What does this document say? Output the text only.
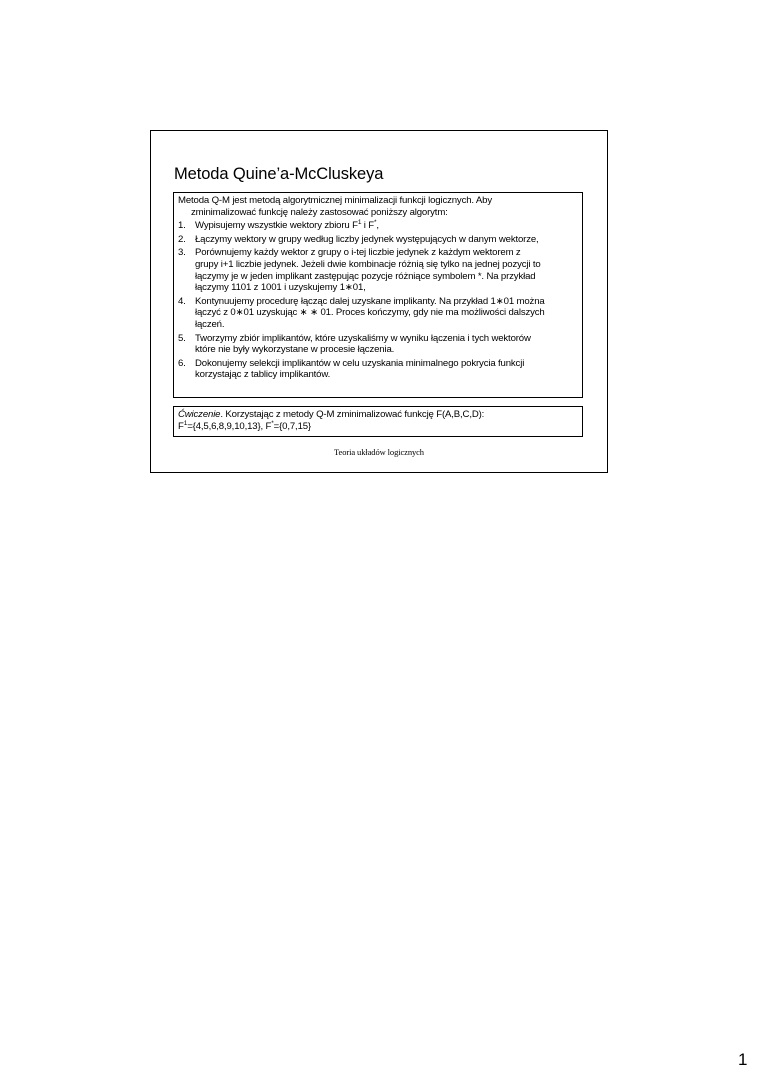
Metoda Quine’a-McCluskeya
Metoda Q-M jest metodą algorytmicznej minimalizacji funkcji logicznych. Aby
zminimalizować funkcję należy zastosować poniższy algorytm:
1. Wypisujemy wszystkie wektory zbioru $F^1$ i F*,
2. Łączymy wektory w grupy według liczby jedynek występujących w danym wektorze,
3. Porównujemy każdy wektor z grupy o i-tej liczbie jedynek z każdym wektorem z
grupy i+1 liczbie jedynek. Jeżeli dwie kombinacje różnią się tylko na jednej pozycji to
łączymy je w jeden implikant zastępując pozycje różniące symbolem *. Na przykład
łączymy 1101 z 1001 i uzyskujemy 1∗01,
4. Kontynuujemy procedurę łącząc dalej uzyskane implikanty. Na przykład 1∗01 można
łączyć z 0∗01 uzyskując ∗ ∗ 01. Proces kończymy, gdy nie ma możliwości dalszych
łączeń.
5. Tworzymy zbiór implikantów, które uzyskaliśmy w wyniku łączenia i tych wektorów
które nie były wykorzystane w procesie łączenia.
6. Dokonujemy selekcji implikantów w celu uzyskania minimalnego pokrycia funkcji
korzystając z tablicy implikantów.
Ćwiczenie. Korzystając z metody Q-M zminimalizować funkcję F(A,B,C,D):
$F^1=\{4,5,6,8,9,10,13\}$, F*={0,7,15}
Teoria układów logicznych
1
